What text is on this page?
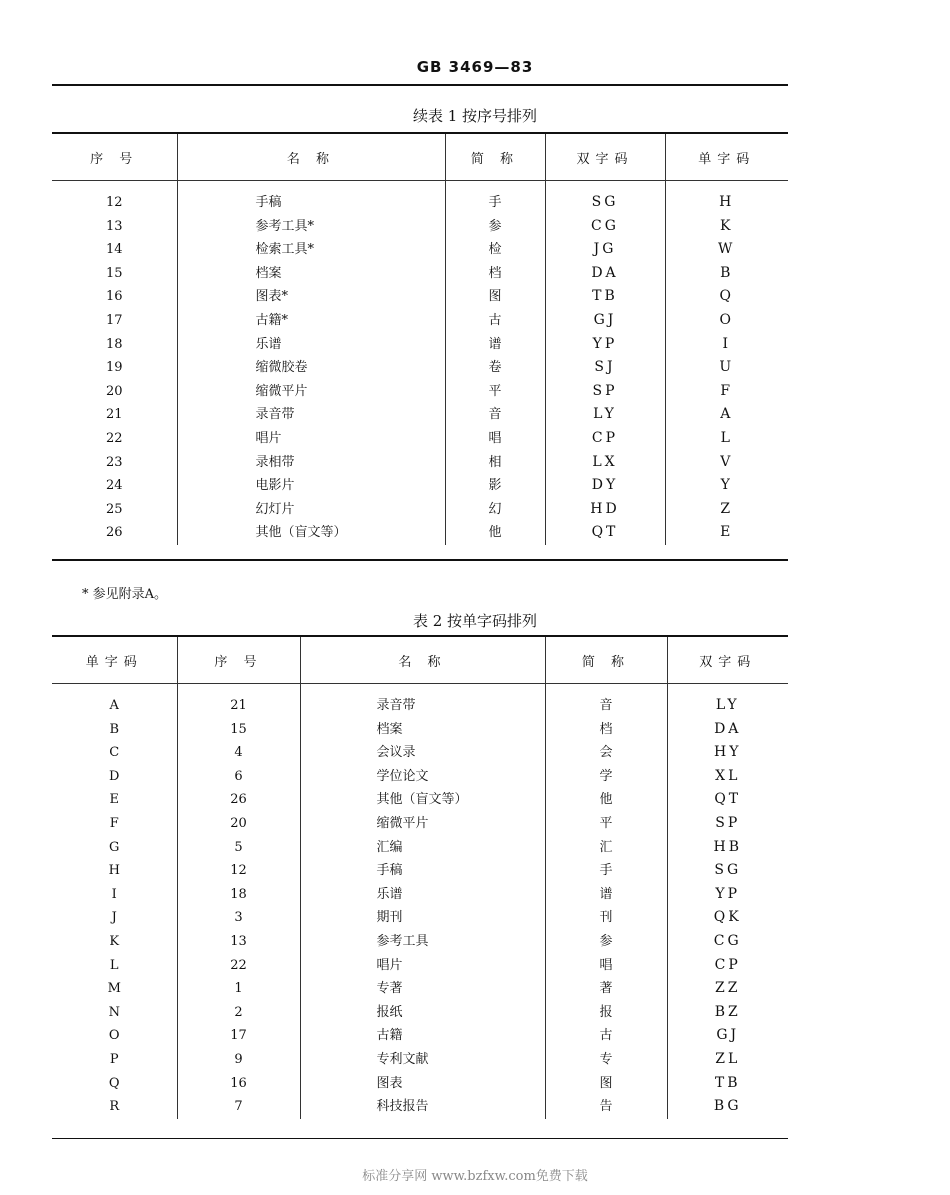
GB 3469—83
续表 1 按序号排列
序 号	名 称	简 称	双字码	单字码

12	手稿	手	SG	H
13	参考工具*	参	CG	K
14	检索工具*	检	JG	W
15	档案	档	DA	B
16	图表*	图	TB	Q
17	古籍*	古	GJ	O
18	乐谱	谱	YP	I
19	缩微胶卷	卷	SJ	U
20	缩微平片	平	SP	F
21	录音带	音	LY	A
22	唱片	唱	CP	L
23	录相带	相	LX	V
24	电影片	影	DY	Y
25	幻灯片	幻	HD	Z
26	其他（盲文等）	他	QT	E
* 参见附录A。
表 2 按单字码排列
单字码	序 号	名 称	简 称	双字码

A	21	录音带	音	LY
B	15	档案	档	DA
C	4	会议录	会	HY
D	6	学位论文	学	XL
E	26	其他（盲文等）	他	QT
F	20	缩微平片	平	SP
G	5	汇编	汇	HB
H	12	手稿	手	SG
I	18	乐谱	谱	YP
J	3	期刊	刊	QK
K	13	参考工具	参	CG
L	22	唱片	唱	CP
M	1	专著	著	ZZ
N	2	报纸	报	BZ
O	17	古籍	古	GJ
P	9	专利文献	专	ZL
Q	16	图表	图	TB
R	7	科技报告	告	BG
标准分享网 www.bzfxw.com免费下载
